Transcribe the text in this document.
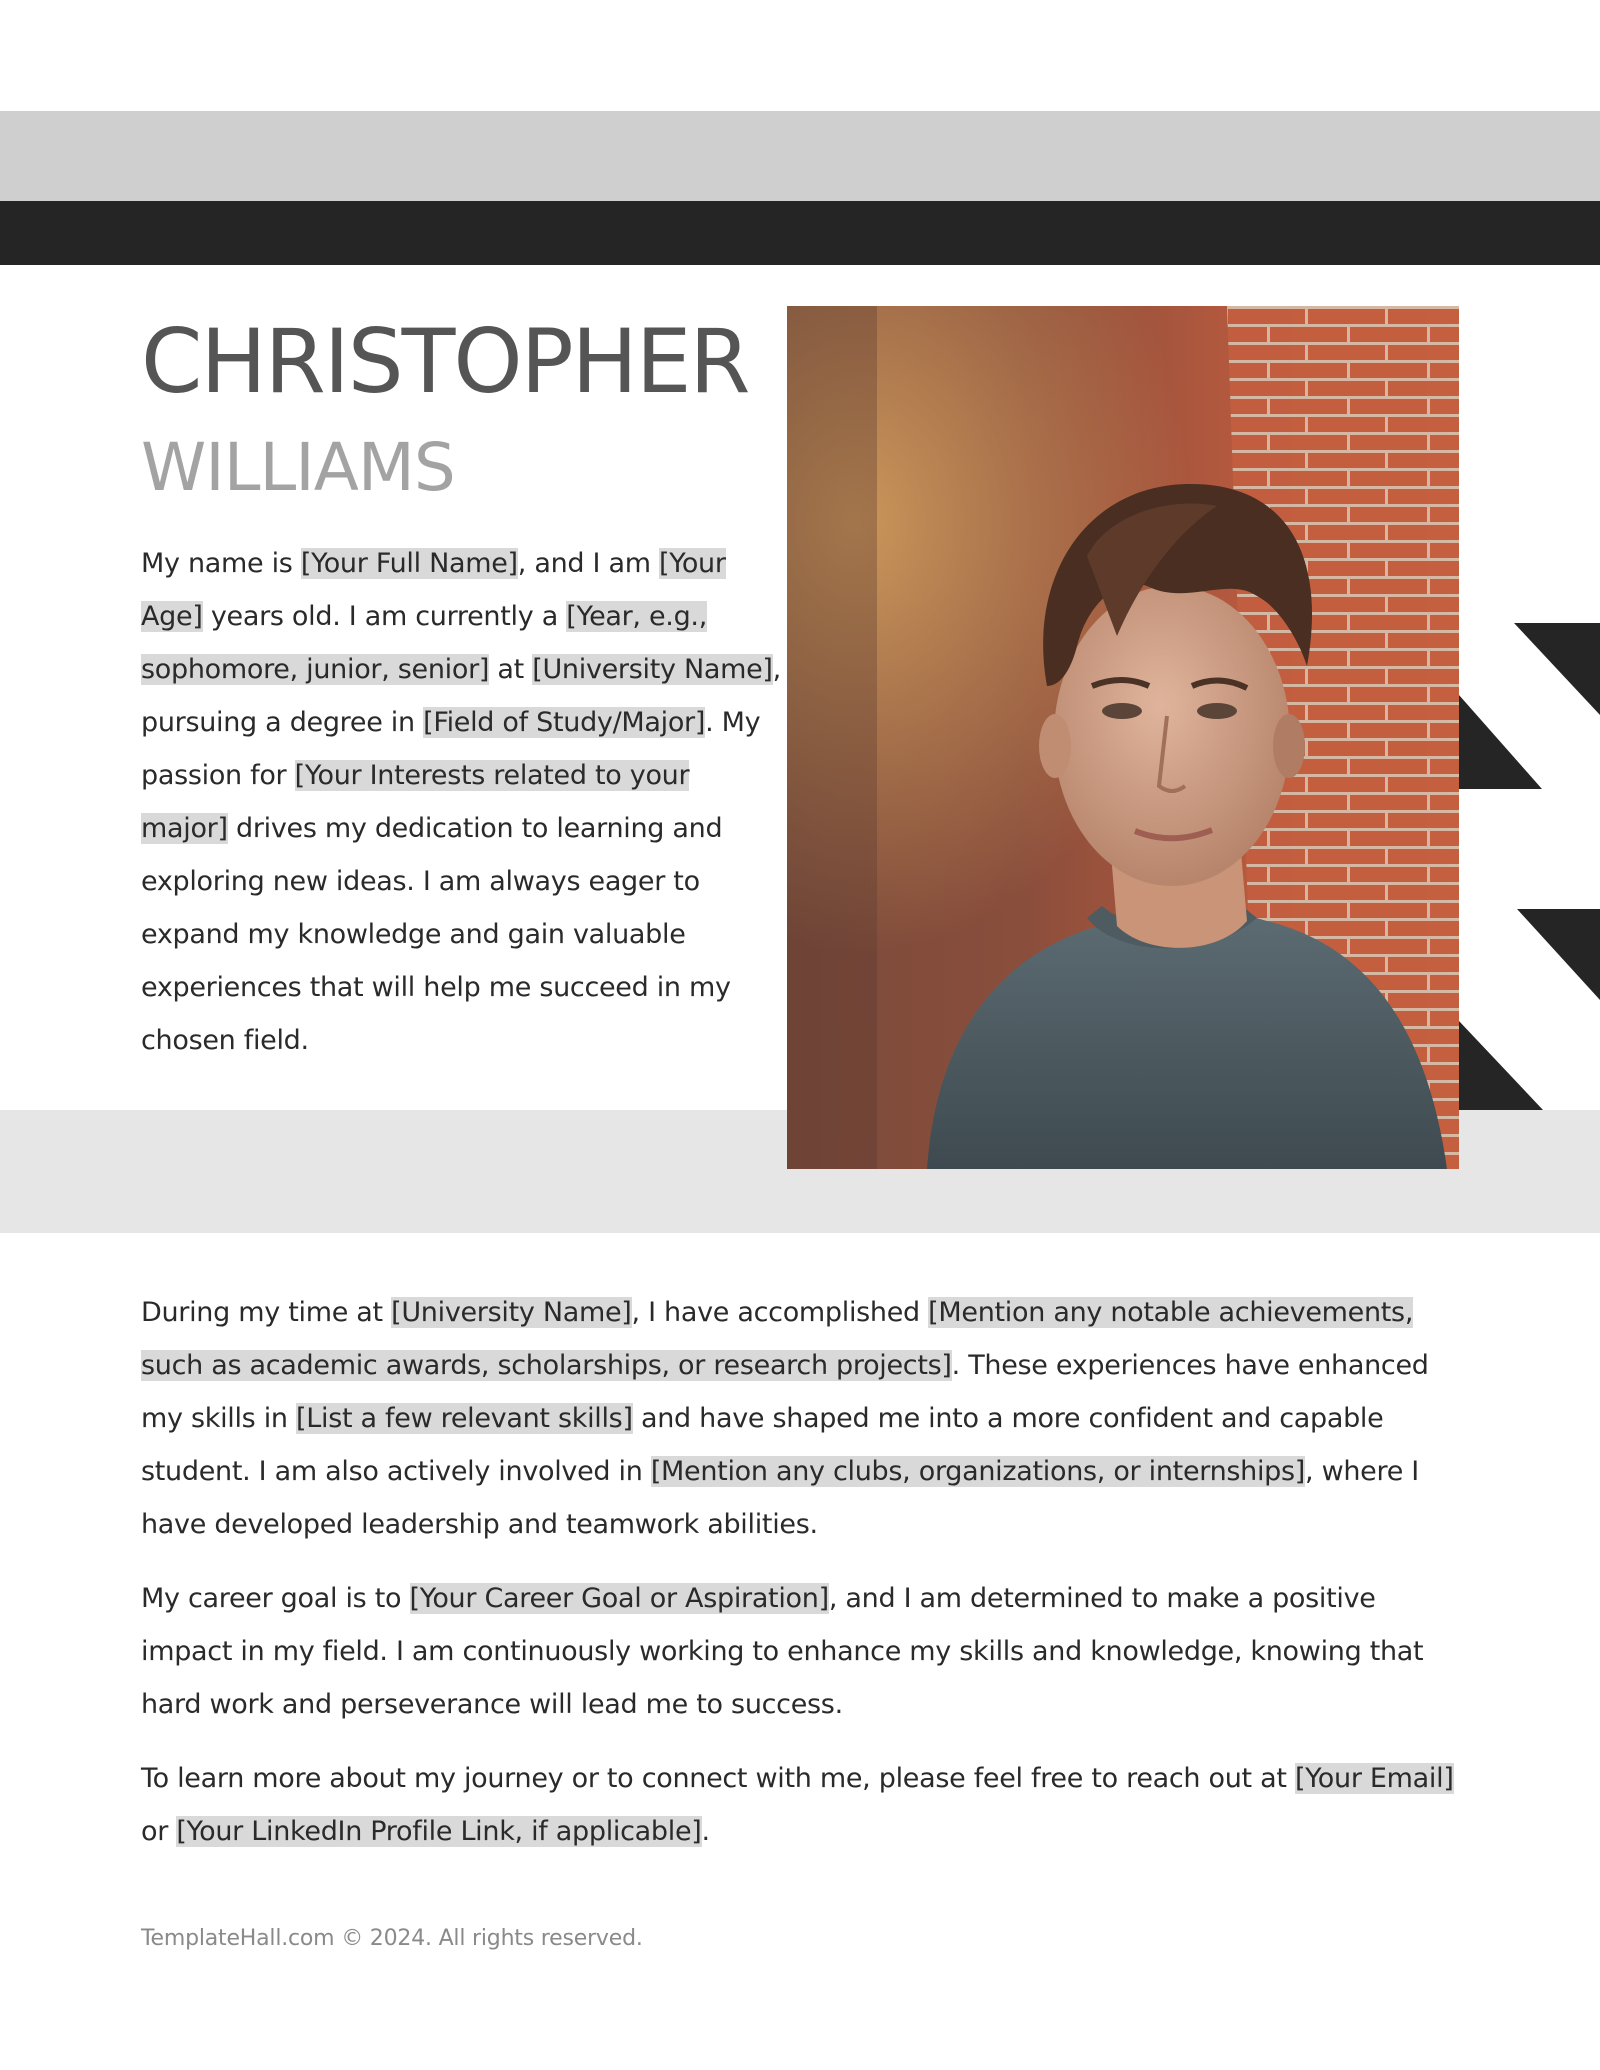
CHRISTOPHER
WILLIAMS

My name is [Your Full Name], and I am [Your Age] years old. I am currently a [Year, e.g., sophomore, junior, senior] at [University Name], pursuing a degree in [Field of Study/Major]. My passion for [Your Interests related to your major] drives my dedication to learning and exploring new ideas. I am always eager to expand my knowledge and gain valuable experiences that will help me succeed in my chosen field.

During my time at [University Name], I have accomplished [Mention any notable achievements, such as academic awards, scholarships, or research projects]. These experiences have enhanced my skills in [List a few relevant skills] and have shaped me into a more confident and capable student. I am also actively involved in [Mention any clubs, organizations, or internships], where I have developed leadership and teamwork abilities.

My career goal is to [Your Career Goal or Aspiration], and I am determined to make a positive impact in my field. I am continuously working to enhance my skills and knowledge, knowing that hard work and perseverance will lead me to success.

To learn more about my journey or to connect with me, please feel free to reach out at [Your Email] or [Your LinkedIn Profile Link, if applicable].

TemplateHall.com © 2024. All rights reserved.
